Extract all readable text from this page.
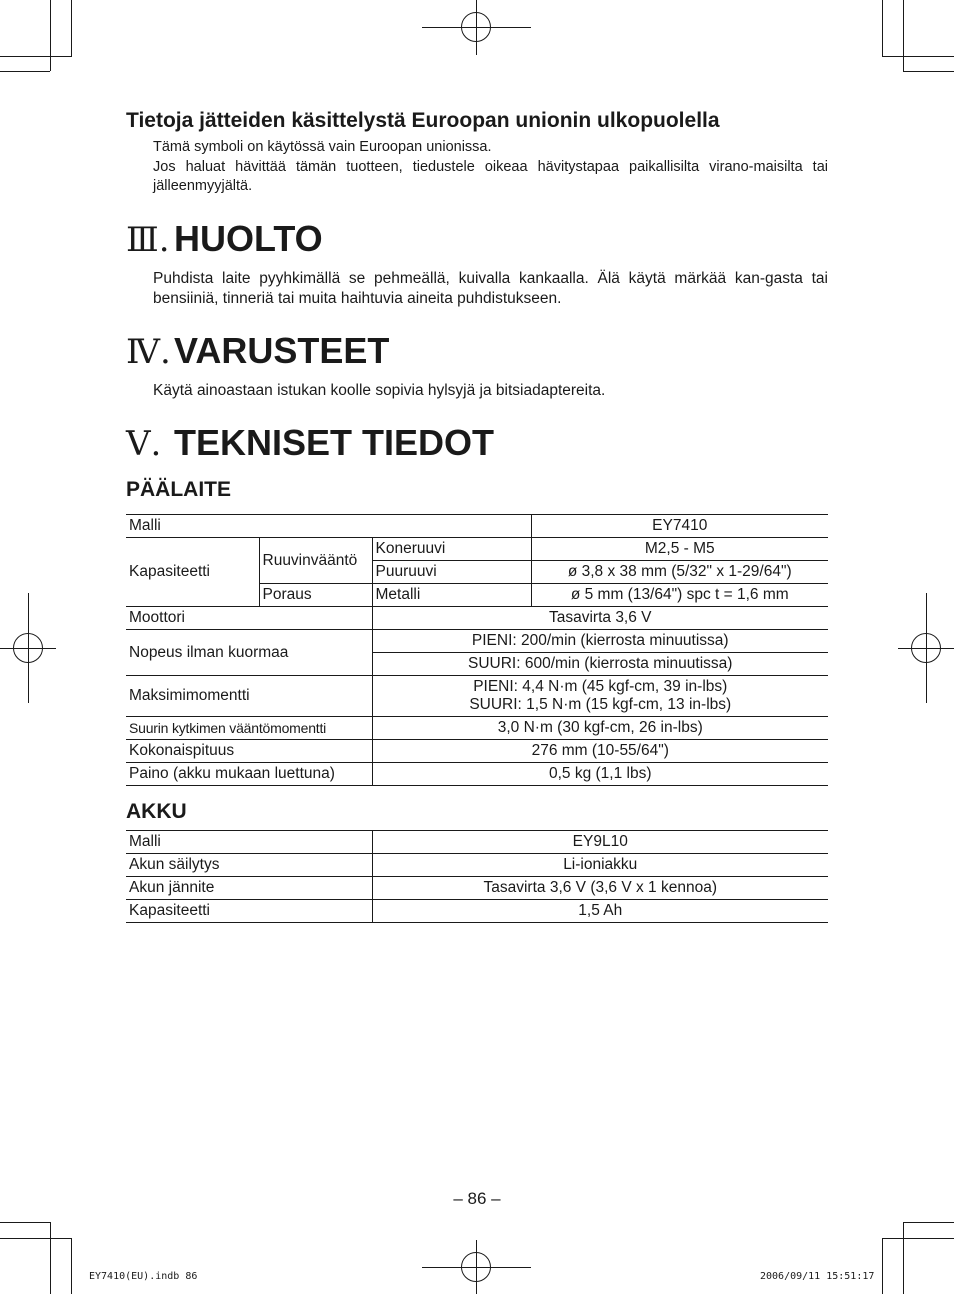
Tietoja jätteiden käsittelystä Euroopan unionin ulkopuolella

Tämä symboli on käytössä vain Euroopan unionissa.

Jos haluat hävittää tämän tuotteen, tiedustele oikeaa hävitystapaa paikallisilta virano-maisilta tai jälleenmyyjältä.

Ⅲ. HUOLTO

Puhdista laite pyyhkimällä se pehmeällä, kuivalla kankaalla. Älä käytä märkää kan-gasta tai bensiiniä, tinneriä tai muita haihtuvia aineita puhdistukseen.

Ⅳ.VARUSTEET

Käytä ainoastaan istukan koolle sopivia hylsyjä ja bitsiadaptereita.

Ⅴ. TEKNISET TIEDOT
PÄÄLAITE
Malli			EY7410
Kapasiteetti	Ruuvinvääntö	Koneruuvi	M2,5 - M5
		Puuruuvi	ø 3,8 x 38 mm (5/32" x 1-29/64")
	Poraus	Metalli	ø 5 mm (13/64") spc t = 1,6 mm
Moottori		Tasavirta 3,6 V	
Nopeus ilman kuormaa		PIENI: 200/min (kierrosta minuutissa)	
		SUURI: 600/min (kierrosta minuutissa)	
Maksimimomentti		PIENI: 4,4 N·m (45 kgf-cm, 39 in-lbs)
SUURI: 1,5 N·m (15 kgf-cm, 13 in-lbs)	

Suurin kytkimen vääntömomentti		3,0 N·m (30 kgf-cm, 26 in-lbs)	
Kokonaispituus		276 mm (10-55/64")	
Paino (akku mukaan luettuna)		0,5 kg (1,1 lbs)	
AKKU
Malli	EY9L10
Akun säilytys	Li-ioniakku
Akun jännite	Tasavirta 3,6 V (3,6 V x 1 kennoa)
Kapasiteetti	1,5 Ah
– 86 –
EY7410(EU).indb 86	2006/09/11 15:51:17
